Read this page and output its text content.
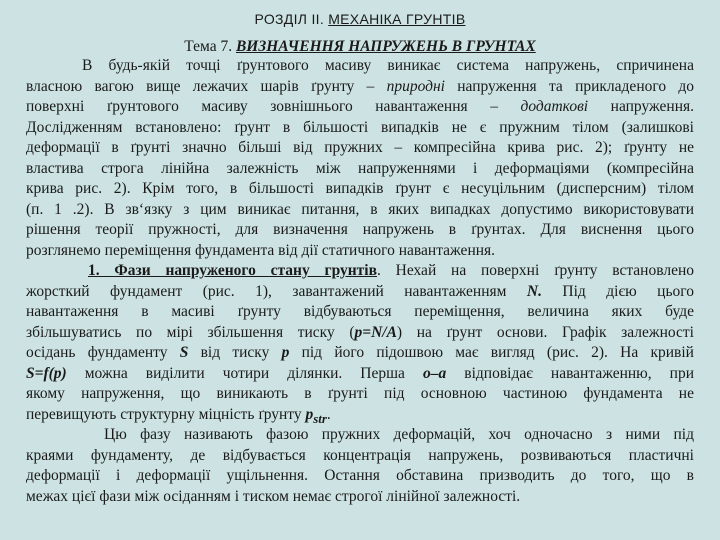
РОЗДІЛ ІІ. МЕХАНІКА ГРУНТІВ
Тема 7. ВИЗНАЧЕННЯ НАПРУЖЕНЬ В ГРУНТАХ
В будь-якій точці ґрунтового масиву виникає система напружень, спричинена
власною вагою вище лежачих шарів ґрунту – природні напруження та прикладеного до
поверхні ґрунтового масиву зовнішнього навантаження – додаткові напруження.
Дослідженням встановлено: ґрунт в більшості випадків не є пружним тілом (залишкові
деформації в ґрунті значно більші від пружних – компресійна крива рис. 2); ґрунту не
властива строга лінійна залежність між напруженнями і деформаціями (компресійна
крива рис. 2). Крім того, в більшості випадків ґрунт є несуцільним (дисперсним) тілом
(п. 1 .2). В зв‘язку з цим виникає питання, в яких випадках допустимо використовувати
рішення теорії пружності, для визначення напружень в ґрунтах. Для виснення цього
розглянемо переміщення фундамента від дії статичного навантаження.
1. Фази напруженого стану грунтів. Нехай на поверхні ґрунту встановлено
жорсткий фундамент (рис. 1), завантажений навантаженням N. Під дією цього
навантаження в масиві ґрунту відбуваються переміщення, величина яких буде
збільшуватись по мірі збільшення тиску (p=N/A) на ґрунт основи. Графік залежності
осідань фундаменту S від тиску p під його підошвою має вигляд (рис. 2). На кривій
S=f(p) можна виділити чотири ділянки. Перша о–а відповідає навантаженню, при
якому напруження, що виникають в ґрунті під основною частиною фундамента не
перевищують структурну міцність ґрунту $p_{str}$.
Цю фазу називають фазою пружних деформацій, хоч одночасно з ними під
краями фундаменту, де відбувається концентрація напружень, розвиваються пластичні
деформації і деформації ущільнення. Остання обставина призводить до того, що в
межах цієї фази між осіданням і тиском немає строгої лінійної залежності.
